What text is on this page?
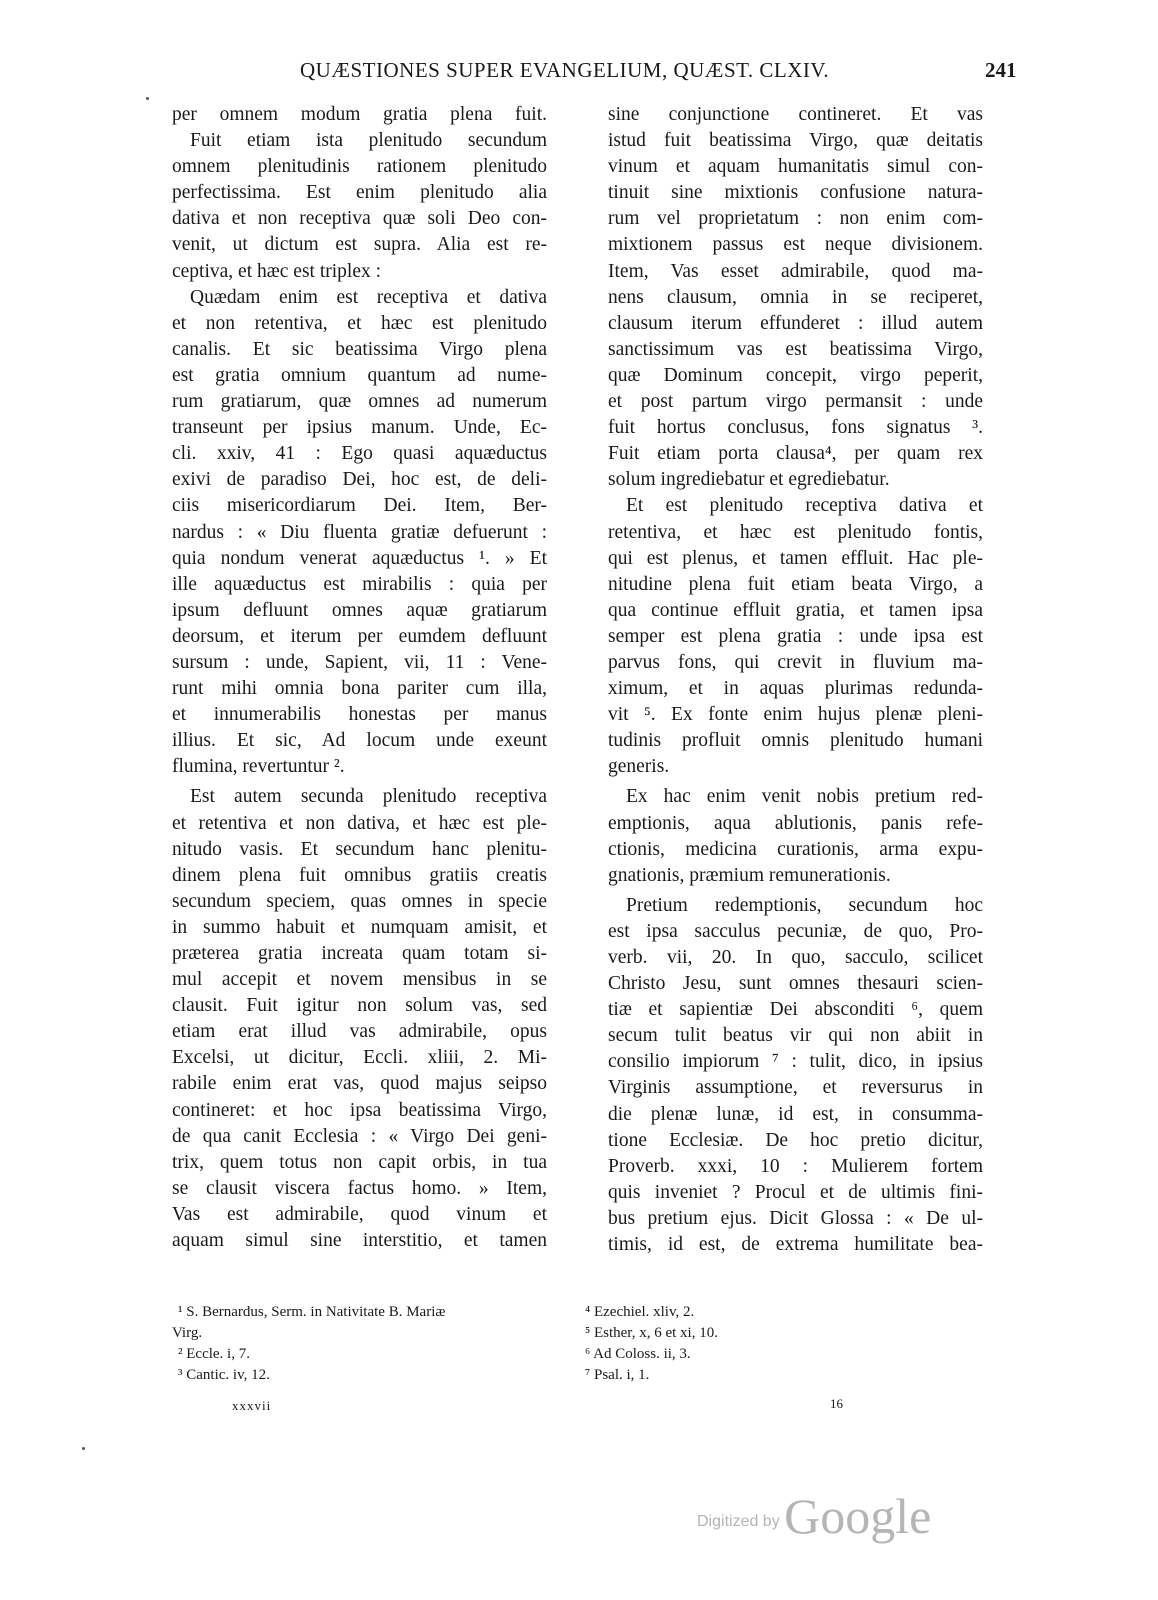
QUÆSTIONES SUPER EVANGELIUM, QUÆST. CLXIV.	241
per omnem modum gratia plena fuit.
Fuit etiam ista plenitudo secundum
omnem plenitudinis rationem plenitudo
perfectissima. Est enim plenitudo alia
dativa et non receptiva quæ soli Deo con-
venit, ut dictum est supra. Alia est re-
ceptiva, et hæc est triplex :
Quædam enim est receptiva et dativa
et non retentiva, et hæc est plenitudo
canalis. Et sic beatissima Virgo plena
est gratia omnium quantum ad nume-
rum gratiarum, quæ omnes ad numerum
transeunt per ipsius manum. Unde, Ec-
cli. xxiv, 41 : Ego quasi aquæductus
exivi de paradiso Dei, hoc est, de deli-
ciis misericordiarum Dei. Item, Ber-
nardus : « Diu fluenta gratiæ defuerunt :
quia nondum venerat aquæductus ¹. » Et
ille aquæductus est mirabilis : quia per
ipsum defluunt omnes aquæ gratiarum
deorsum, et iterum per eumdem defluunt
sursum : unde, Sapient, vii, 11 : Vene-
runt mihi omnia bona pariter cum illa,
et innumerabilis honestas per manus
illius. Et sic, Ad locum unde exeunt
flumina, revertuntur ².
Est autem secunda plenitudo receptiva
et retentiva et non dativa, et hæc est ple-
nitudo vasis. Et secundum hanc plenitu-
dinem plena fuit omnibus gratiis creatis
secundum speciem, quas omnes in specie
in summo habuit et numquam amisit, et
præterea gratia increata quam totam si-
mul accepit et novem mensibus in se
clausit. Fuit igitur non solum vas, sed
etiam erat illud vas admirabile, opus
Excelsi, ut dicitur, Eccli. xliii, 2. Mi-
rabile enim erat vas, quod majus seipso
contineret: et hoc ipsa beatissima Virgo,
de qua canit Ecclesia : « Virgo Dei geni-
trix, quem totus non capit orbis, in tua
se clausit viscera factus homo. » Item,
Vas est admirabile, quod vinum et
aquam simul sine interstitio, et tamen
sine conjunctione contineret. Et vas
istud fuit beatissima Virgo, quæ deitatis
vinum et aquam humanitatis simul con-
tinuit sine mixtionis confusione natura-
rum vel proprietatum : non enim com-
mixtionem passus est neque divisionem.
Item, Vas esset admirabile, quod ma-
nens clausum, omnia in se reciperet,
clausum iterum effunderet : illud autem
sanctissimum vas est beatissima Virgo,
quæ Dominum concepit, virgo peperit,
et post partum virgo permansit : unde
fuit hortus conclusus, fons signatus ³.
Fuit etiam porta clausa⁴, per quam rex
solum ingrediebatur et egrediebatur.
Et est plenitudo receptiva dativa et
retentiva, et hæc est plenitudo fontis,
qui est plenus, et tamen effluit. Hac ple-
nitudine plena fuit etiam beata Virgo, a
qua continue effluit gratia, et tamen ipsa
semper est plena gratia : unde ipsa est
parvus fons, qui crevit in fluvium ma-
ximum, et in aquas plurimas redunda-
vit ⁵. Ex fonte enim hujus plenæ pleni-
tudinis profluit omnis plenitudo humani
generis.
Ex hac enim venit nobis pretium red-
emptionis, aqua ablutionis, panis refe-
ctionis, medicina curationis, arma expu-
gnationis, præmium remunerationis.
Pretium redemptionis, secundum hoc
est ipsa sacculus pecuniæ, de quo, Pro-
verb. vii, 20. In quo, sacculo, scilicet
Christo Jesu, sunt omnes thesauri scien-
tiæ et sapientiæ Dei absconditi ⁶, quem
secum tulit beatus vir qui non abiit in
consilio impiorum ⁷ : tulit, dico, in ipsius
Virginis assumptione, et reversurus in
die plenæ lunæ, id est, in consumma-
tione Ecclesiæ. De hoc pretio dicitur,
Proverb. xxxi, 10 : Mulierem fortem
quis inveniet ? Procul et de ultimis fini-
bus pretium ejus. Dicit Glossa : « De ul-
timis, id est, de extrema humilitate bea-
¹ S. Bernardus, Serm. in Nativitate B. Mariæ
Virg.
² Eccle. i, 7.
³ Cantic. iv, 12.
⁴ Ezechiel. xliv, 2.
⁵ Esther, x, 6 et xi, 10.
⁶ Ad Coloss. ii, 3.
⁷ Psal. i, 1.
xxxvii	16
Digitized by Google
